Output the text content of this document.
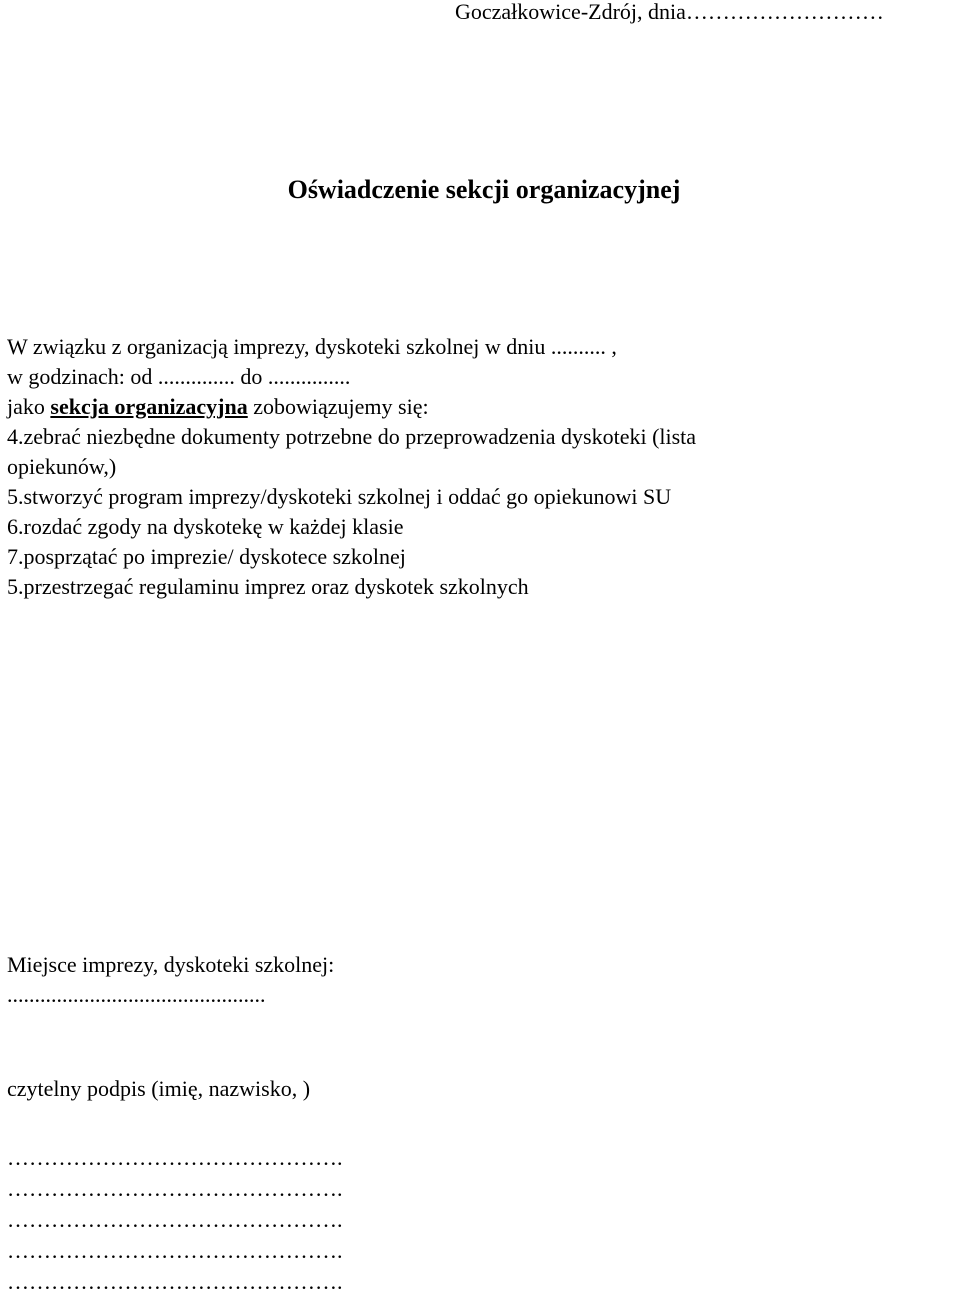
Goczałkowice-Zdrój, dnia………………………
Oświadczenie sekcji organizacyjnej
W związku z organizacją imprezy, dyskoteki szkolnej w dniu .......... ,
w godzinach: od .............. do ...............
jako sekcja organizacyjna zobowiązujemy się:
4.zebrać niezbędne dokumenty potrzebne do przeprowadzenia dyskoteki (lista
opiekunów,)
5.stworzyć program imprezy/dyskoteki szkolnej i oddać go opiekunowi SU
6.rozdać zgody na dyskotekę w każdej klasie
7.posprzątać po imprezie/ dyskotece szkolnej
5.przestrzegać regulaminu imprez oraz dyskotek szkolnych
Miejsce imprezy, dyskoteki szkolnej:
...............................................
czytelny podpis (imię, nazwisko, )
……………………………………….
……………………………………….
……………………………………….
……………………………………….
……………………………………….
